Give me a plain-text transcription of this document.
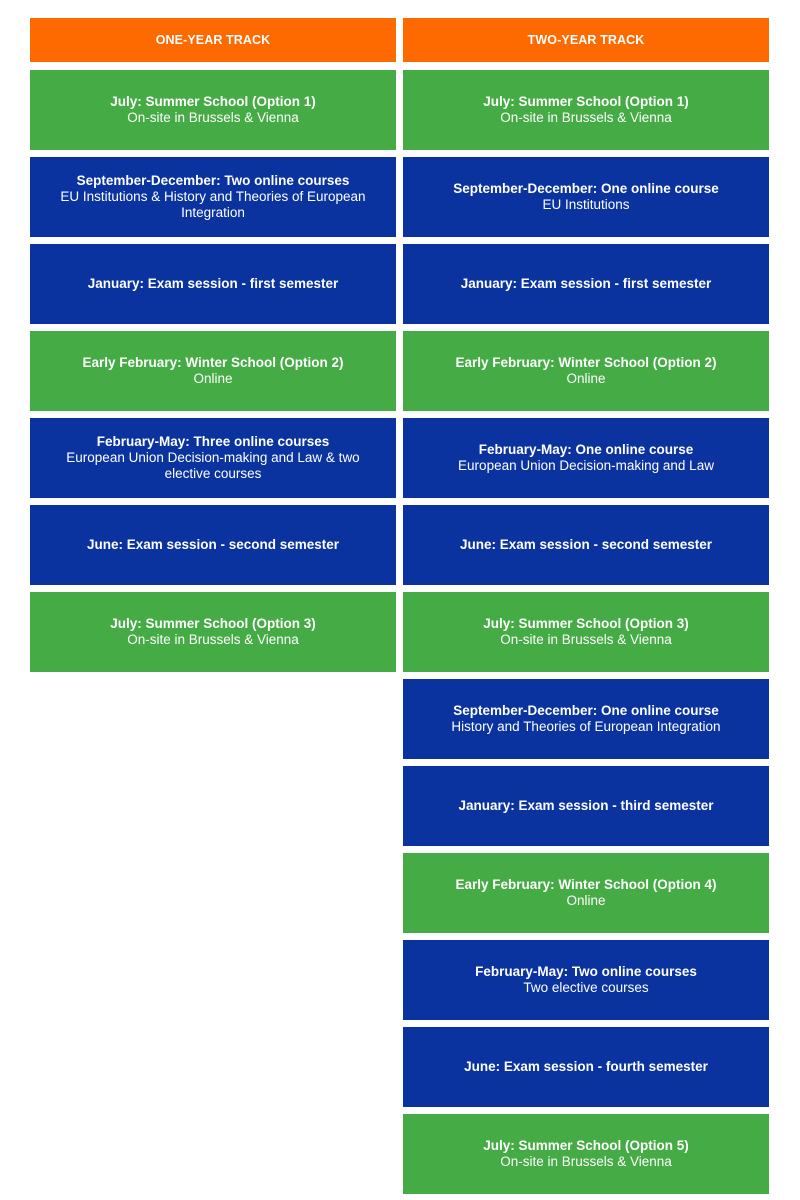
ONE-YEAR TRACK
July: Summer School (Option 1)
On-site in Brussels & Vienna
September-December: Two online courses
EU Institutions & History and Theories of European Integration
January: Exam session - first semester
Early February: Winter School (Option 2)
Online
February-May: Three online courses
European Union Decision-making and Law & two elective courses
June: Exam session - second semester
July: Summer School (Option 3)
On-site in Brussels & Vienna
TWO-YEAR TRACK
July: Summer School (Option 1)
On-site in Brussels & Vienna
September-December: One online course
EU Institutions
January: Exam session - first semester
Early February: Winter School (Option 2)
Online
February-May: One online course
European Union Decision-making and Law
June: Exam session - second semester
July: Summer School (Option 3)
On-site in Brussels & Vienna
September-December: One online course
History and Theories of European Integration
January: Exam session - third semester
Early February: Winter School (Option 4)
Online
February-May: Two online courses
Two elective courses
June: Exam session - fourth semester
July: Summer School (Option 5)
On-site in Brussels & Vienna
